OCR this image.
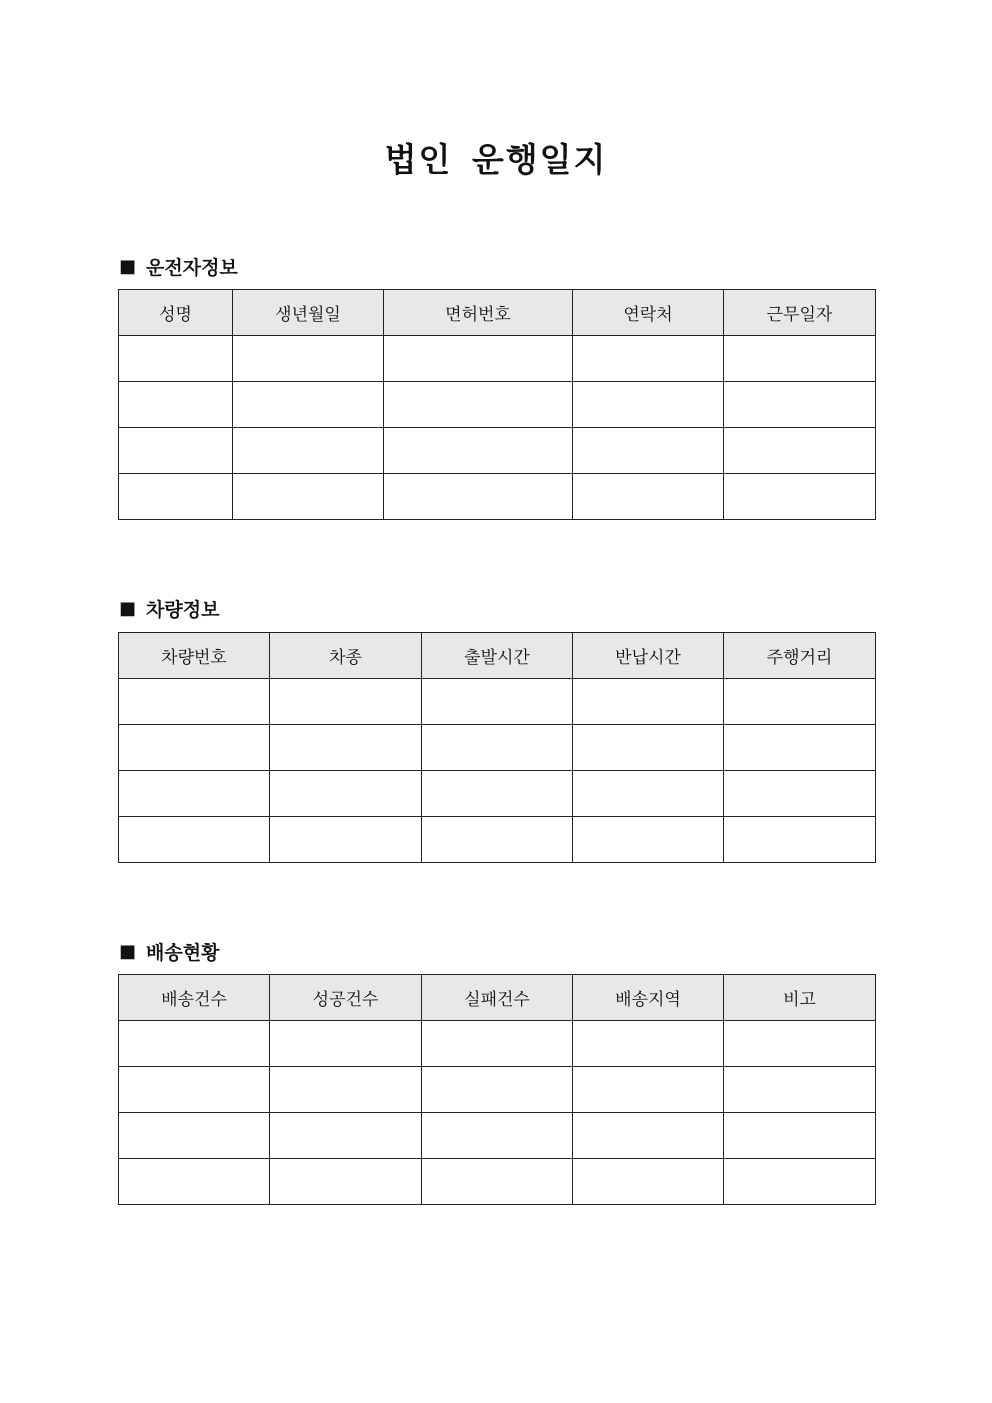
법인 운행일지
■ 운전자정보
성명	생년월일	면허번호	연락처	근무일자

■ 차량정보
차량번호	차종	출발시간	반납시간	주행거리

■ 배송현황
배송건수	성공건수	실패건수	배송지역	비고
